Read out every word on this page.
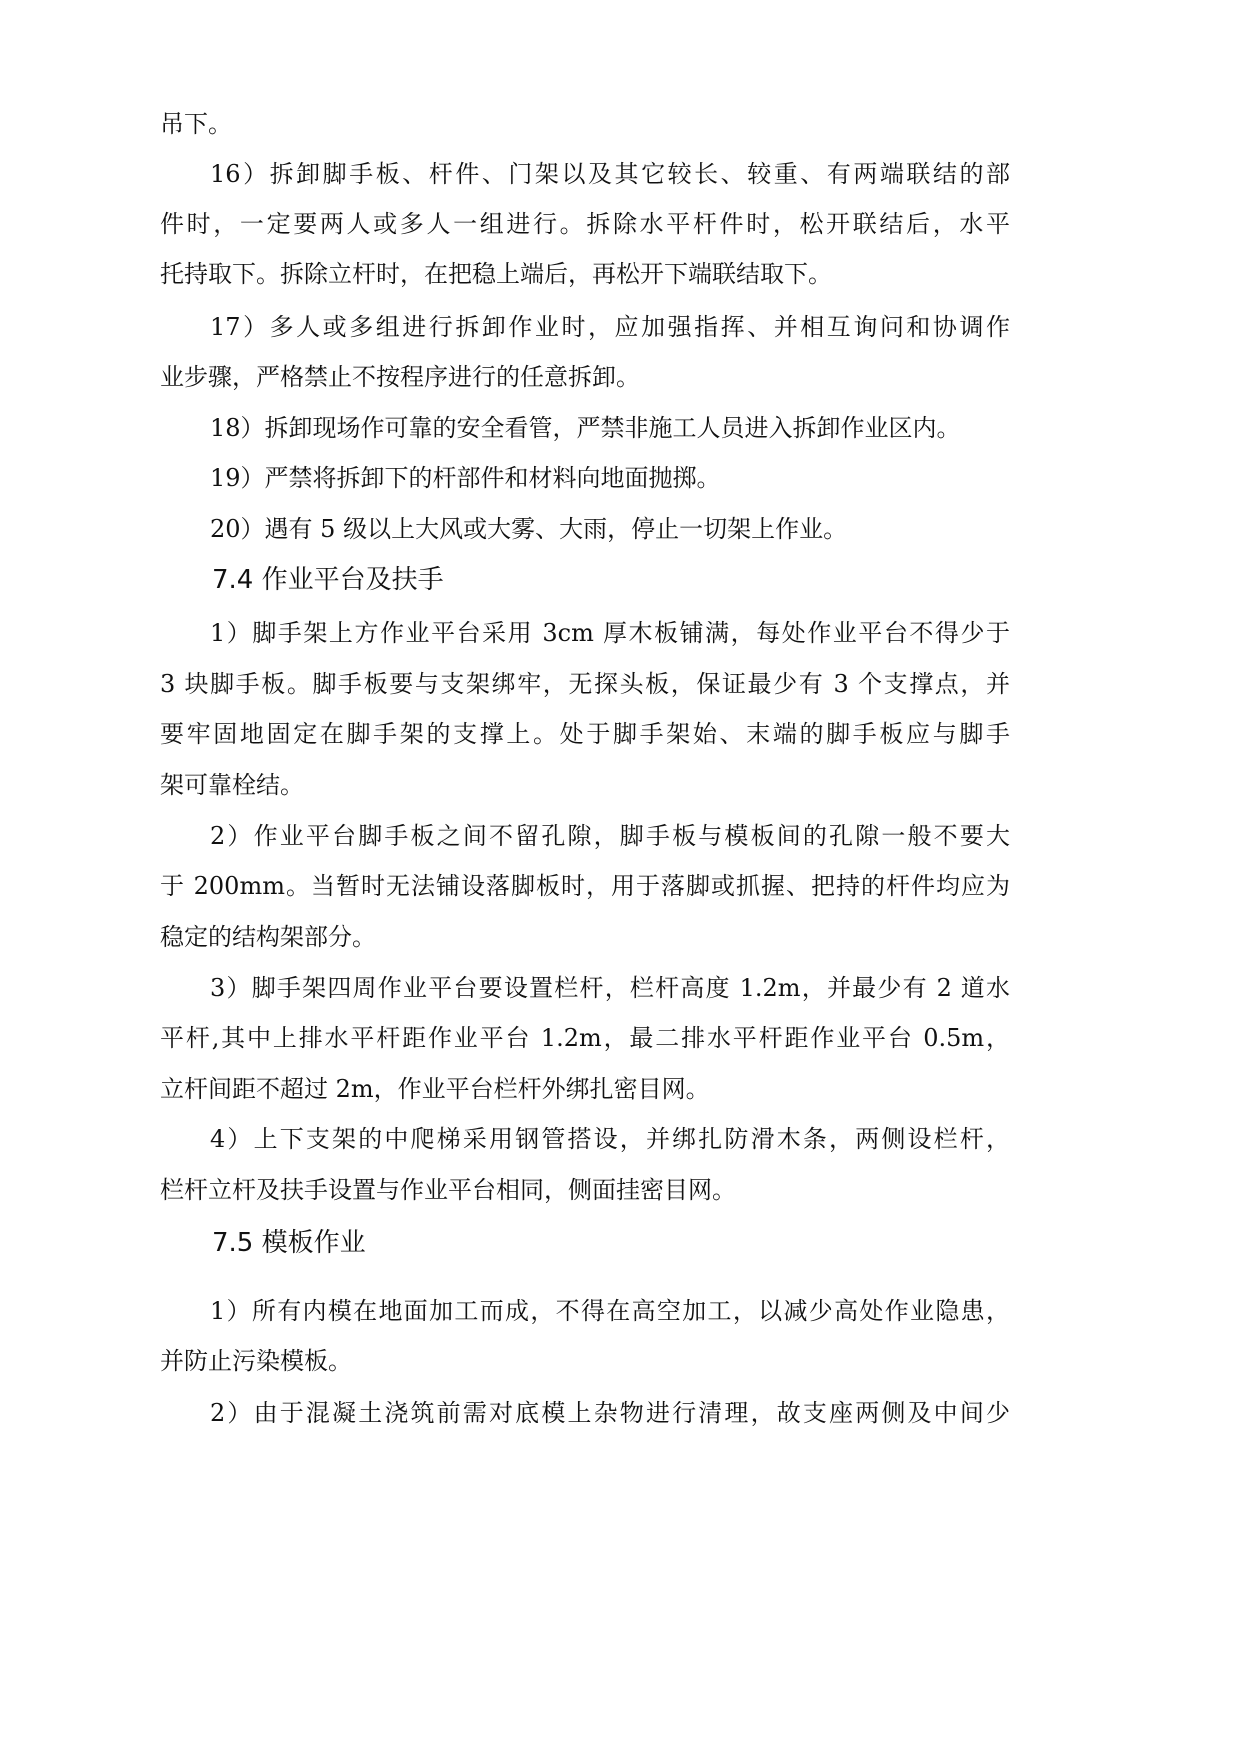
吊下。
16）拆卸脚手板、杆件、门架以及其它较长、较重、有两端联结的部
件时，一定要两人或多人一组进行。拆除水平杆件时，松开联结后，水平
托持取下。拆除立杆时，在把稳上端后，再松开下端联结取下。
17）多人或多组进行拆卸作业时，应加强指挥、并相互询问和协调作
业步骤，严格禁止不按程序进行的任意拆卸。
18）拆卸现场作可靠的安全看管，严禁非施工人员进入拆卸作业区内。
19）严禁将拆卸下的杆部件和材料向地面抛掷。
20）遇有 5 级以上大风或大雾、大雨，停止一切架上作业。
7.4 作业平台及扶手
1）脚手架上方作业平台采用 3cm 厚木板铺满，每处作业平台不得少于
3 块脚手板。脚手板要与支架绑牢，无探头板，保证最少有 3 个支撑点，并
要牢固地固定在脚手架的支撑上。处于脚手架始、末端的脚手板应与脚手
架可靠栓结。
2）作业平台脚手板之间不留孔隙，脚手板与模板间的孔隙一般不要大
于 200mm。当暂时无法铺设落脚板时，用于落脚或抓握、把持的杆件均应为
稳定的结构架部分。
3）脚手架四周作业平台要设置栏杆，栏杆高度 1.2m，并最少有 2 道水
平杆,其中上排水平杆距作业平台 1.2m，最二排水平杆距作业平台 0.5m，
立杆间距不超过 2m，作业平台栏杆外绑扎密目网。
4）上下支架的中爬梯采用钢管搭设，并绑扎防滑木条，两侧设栏杆，
栏杆立杆及扶手设置与作业平台相同，侧面挂密目网。
7.5 模板作业
1）所有内模在地面加工而成，不得在高空加工，以减少高处作业隐患，
并防止污染模板。
2）由于混凝土浇筑前需对底模上杂物进行清理，故支座两侧及中间少
